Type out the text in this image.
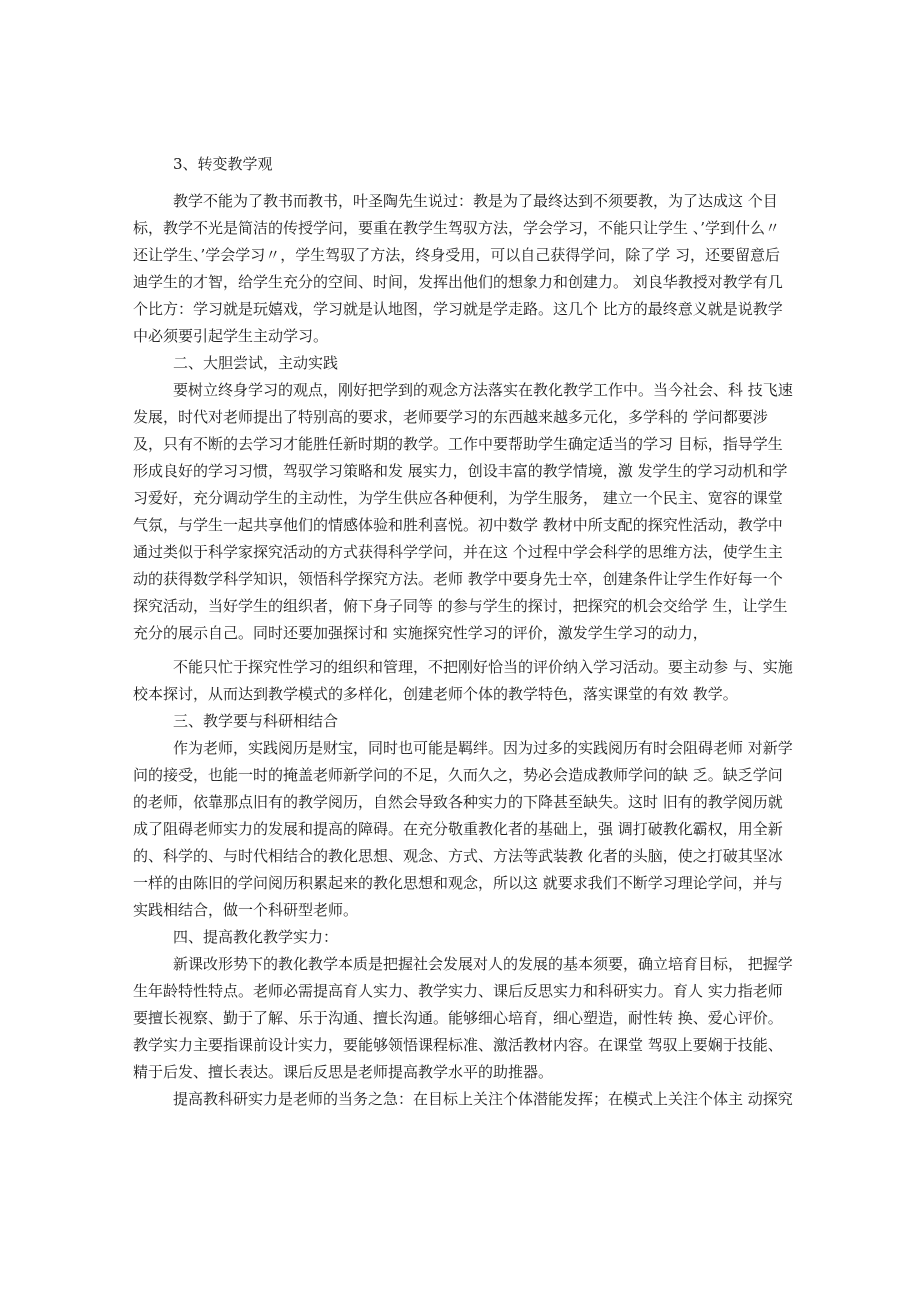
3、转变教学观
教学不能为了教书而教书，叶圣陶先生说过：教是为了最终达到不须要教，为了达成这 个目
标，教学不光是简洁的传授学问，要重在教学生驾驭方法，学会学习，不能只让学生 、’学到什么〃
还让学生、’学会学习〃，学生驾驭了方法，终身受用，可以自己获得学问，除了学 习，还要留意后
迪学生的才智，给学生充分的空间、时间，发挥出他们的想象力和创建力。 刘良华教授对教学有几
个比方：学习就是玩嬉戏，学习就是认地图，学习就是学走路。这几个 比方的最终意义就是说教学
中必须要引起学生主动学习。
二、大胆尝试，主动实践
要树立终身学习的观点，刚好把学到的观念方法落实在教化教学工作中。当今社会、科 技飞速
发展，时代对老师提出了特别高的要求，老师要学习的东西越来越多元化，多学科的 学问都要涉
及，只有不断的去学习才能胜任新时期的教学。工作中要帮助学生确定适当的学习 目标，指导学生
形成良好的学习习惯，驾驭学习策略和发 展实力，创设丰富的教学情境，激 发学生的学习动机和学
习爱好，充分调动学生的主动性，为学生供应各种便利，为学生服务， 建立一个民主、宽容的课堂
气氛，与学生一起共享他们的情感体验和胜利喜悦。初中数学 教材中所支配的探究性活动，教学中
通过类似于科学家探究活动的方式获得科学学问，并在这 个过程中学会科学的思维方法，使学生主
动的获得数学科学知识，领悟科学探究方法。老师 教学中要身先士卒，创建条件让学生作好每一个
探究活动，当好学生的组织者，俯下身子同等 的参与学生的探讨，把探究的机会交给学 生，让学生
充分的展示自己。同时还要加强探讨和 实施探究性学习的评价，激发学生学习的动力，
不能只忙于探究性学习的组织和管理，不把刚好恰当的评价纳入学习活动。要主动参 与、实施
校本探讨，从而达到教学模式的多样化，创建老师个体的教学特色，落实课堂的有效 教学。
三、教学要与科研相结合
作为老师，实践阅历是财宝，同时也可能是羁绊。因为过多的实践阅历有时会阻碍老师 对新学
问的接受，也能一时的掩盖老师新学问的不足，久而久之，势必会造成教师学问的缺 乏。缺乏学问
的老师，依靠那点旧有的教学阅历，自然会导致各种实力的下降甚至缺失。这时 旧有的教学阅历就
成了阻碍老师实力的发展和提高的障碍。在充分敬重教化者的基础上，强 调打破教化霸权，用全新
的、科学的、与时代相结合的教化思想、观念、方式、方法等武装教 化者的头脑，使之打破其坚冰
一样的由陈旧的学问阅历积累起来的教化思想和观念，所以这 就要求我们不断学习理论学问，并与
实践相结合，做一个科研型老师。
四、提高教化教学实力：
新课改形势下的教化教学本质是把握社会发展对人的发展的基本须要，确立培育目标， 把握学
生年龄特性特点。老师必需提高育人实力、教学实力、课后反思实力和科研实力。育人 实力指老师
要擅长视察、勤于了解、乐于沟通、擅长沟通。能够细心培育，细心塑造，耐性转 换、爱心评价。
教学实力主要指课前设计实力，要能够领悟课程标准、激活教材内容。在课堂 驾驭上要娴于技能、
精于后发、擅长表达。课后反思是老师提高教学水平的助推器。
提高教科研实力是老师的当务之急：在目标上关注个体潜能发挥；在模式上关注个体主 动探究
